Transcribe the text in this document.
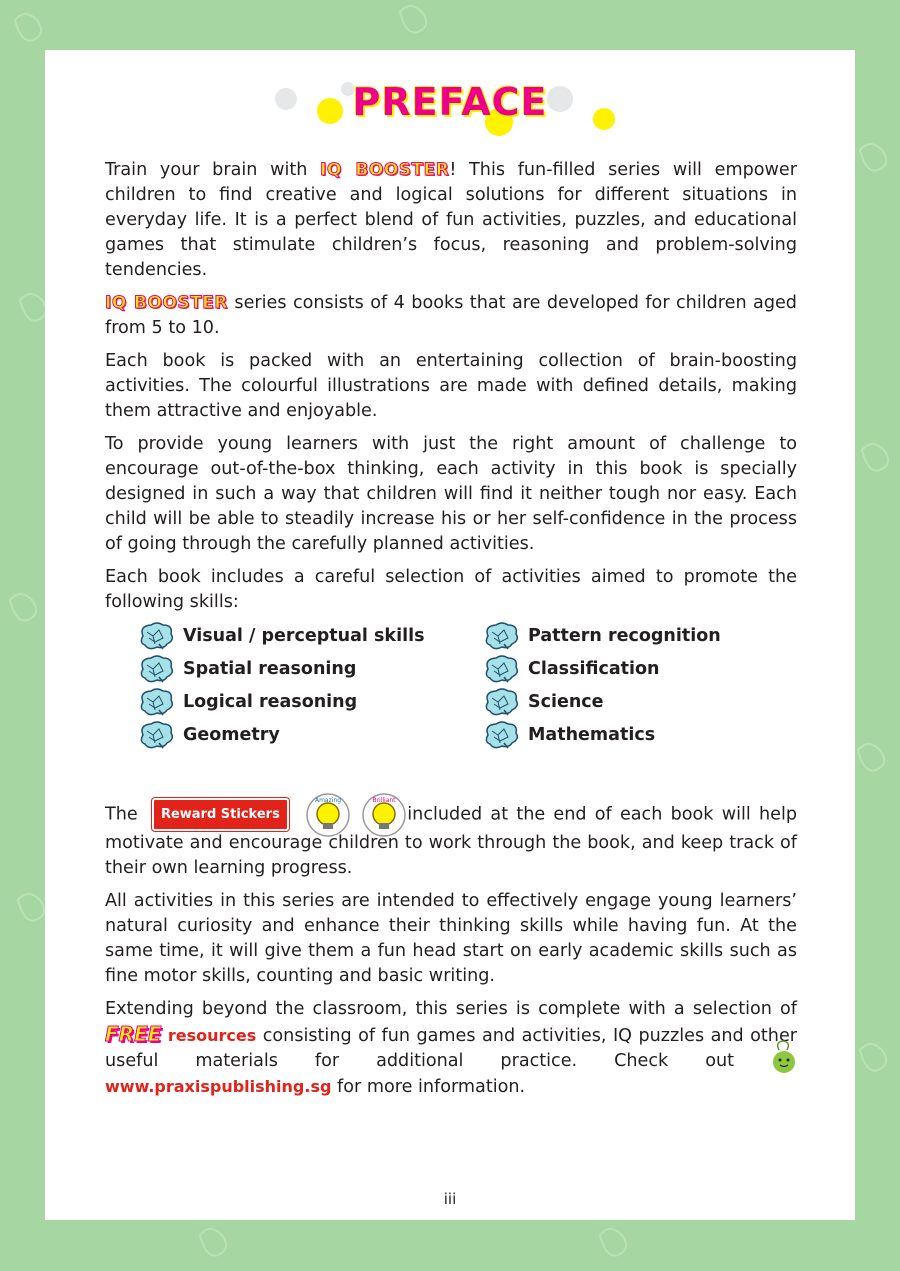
PREFACE

Train your brain with IQ BOOSTER! This fun-filled series will empower children to find creative and logical solutions for different situations in everyday life. It is a perfect blend of fun activities, puzzles, and educational games that stimulate children’s focus, reasoning and problem-solving tendencies.

IQ BOOSTER series consists of 4 books that are developed for children aged from 5 to 10.

Each book is packed with an entertaining collection of brain-boosting activities. The colourful illustrations are made with defined details, making them attractive and enjoyable.

To provide young learners with just the right amount of challenge to encourage out-of-the-box thinking, each activity in this book is specially designed in such a way that children will find it neither tough nor easy. Each child will be able to steadily increase his or her self-confidence in the process of going through the carefully planned activities.

Each book includes a careful selection of activities aimed to promote the following skills:

Visual / perceptual skills	Pattern recognition
Spatial reasoning	Classification
Logical reasoning	Science
Geometry	Mathematics

The Reward Stickers
Amazing
	Brilliant
included at the end of each book will help motivate and encourage children to work through the book, and keep track of their own learning progress.

All activities in this series are intended to effectively engage young learners’ natural curiosity and enhance their thinking skills while having fun. At the same time, it will give them a fun head start on early academic skills such as fine motor skills, counting and basic writing.

Extending beyond the classroom, this series is complete with a selection of FREE resources consisting of fun games and activities, IQ puzzles and other useful materials for additional practice. Check out www.praxispublishing.sg for more information.

iii
